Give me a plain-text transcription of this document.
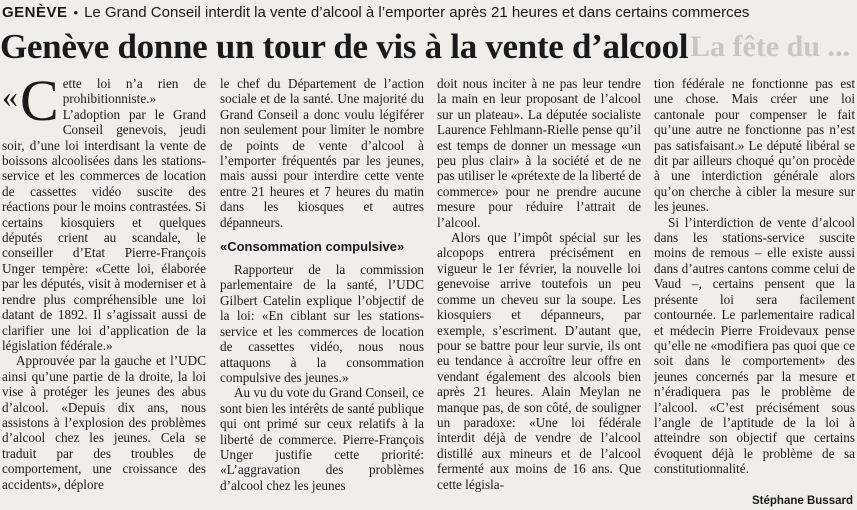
GENÈVE • Le Grand Conseil interdit la vente d’alcool à l’emporter après 21 heures et dans certains commerces
La fête du ...
Genève donne un tour de vis à la vente d’alcool

« C ette loi n’a rien de prohibitionniste.» L’adoption par le Grand Conseil genevois, jeudi soir, d’une loi interdisant la vente de boissons alcoolisées dans les stations-service et les commerces de location de cassettes vidéo suscite des réactions pour le moins contrastées. Si certains kiosquiers et quelques députés crient au scandale, le conseiller d’Etat Pierre-François Unger tempère: «Cette loi, élaborée par les députés, visit à moderniser et à rendre plus compréhensible une loi datant de 1892. Il s’agissait aussi de clarifier une loi d’application de la législation fédérale.»

Approuvée par la gauche et l’UDC ainsi qu’une partie de la droite, la loi vise à protéger les jeunes des abus d’alcool. «Depuis dix ans, nous assistons à l’explosion des problèmes d’alcool chez les jeunes. Cela se traduit par des troubles de comportement, une croissance des accidents», déplore

le chef du Département de l’action sociale et de la santé. Une majorité du Grand Conseil a donc voulu légiférer non seulement pour limiter le nombre de points de vente d’alcool à l’emporter fréquentés par les jeunes, mais aussi pour interdire cette vente entre 21 heures et 7 heures du matin dans les kiosques et autres dépanneurs.

«Consommation compulsive»

Rapporteur de la commission parlementaire de la santé, l’UDC Gilbert Catelin explique l’objectif de la loi: «En ciblant sur les stations-service et les commerces de location de cassettes vidéo, nous nous attaquons à la consommation compulsive des jeunes.»

Au vu du vote du Grand Conseil, ce sont bien les intérêts de santé publique qui ont primé sur ceux relatifs à la liberté de commerce. Pierre-François Unger justifie cette priorité: «L’aggravation des problèmes d’alcool chez les jeunes

doit nous inciter à ne pas leur tendre la main en leur proposant de l’alcool sur un plateau». La députée socialiste Laurence Fehlmann-Rielle pense qu’il est temps de donner un message «un peu plus clair» à la société et de ne pas utiliser le «prétexte de la liberté de commerce» pour ne prendre aucune mesure pour réduire l’attrait de l’alcool.

Alors que l’impôt spécial sur les alcopops entrera précisément en vigueur le 1er février, la nouvelle loi genevoise arrive toutefois un peu comme un cheveu sur la soupe. Les kiosquiers et dépanneurs, par exemple, s’escriment. D’autant que, pour se battre pour leur survie, ils ont eu tendance à accroître leur offre en vendant également des alcools bien après 21 heures. Alain Meylan ne manque pas, de son côté, de souligner un paradoxe: «Une loi fédérale interdit déjà de vendre de l’alcool distillé aux mineurs et de l’alcool fermenté aux moins de 16 ans. Que cette législa-

tion fédérale ne fonctionne pas est une chose. Mais créer une loi cantonale pour compenser le fait qu’une autre ne fonctionne pas n’est pas satisfaisant.» Le député libéral se dit par ailleurs choqué qu’on procède à une interdiction générale alors qu’on cherche à cibler la mesure sur les jeunes.

Si l’interdiction de vente d’alcool dans les stations-service suscite moins de remous – elle existe aussi dans d’autres cantons comme celui de Vaud –, certains pensent que la présente loi sera facilement contournée. Le parlementaire radical et médecin Pierre Froidevaux pense qu’elle ne «modifiera pas quoi que ce soit dans le comportement» des jeunes concernés par la mesure et n’éradiquera pas le problème de l’alcool. «C’est précisément sous l’angle de l’aptitude de la loi à atteindre son objectif que certains évoquent déjà le problème de sa constitutionnalité.

Stéphane Bussard
